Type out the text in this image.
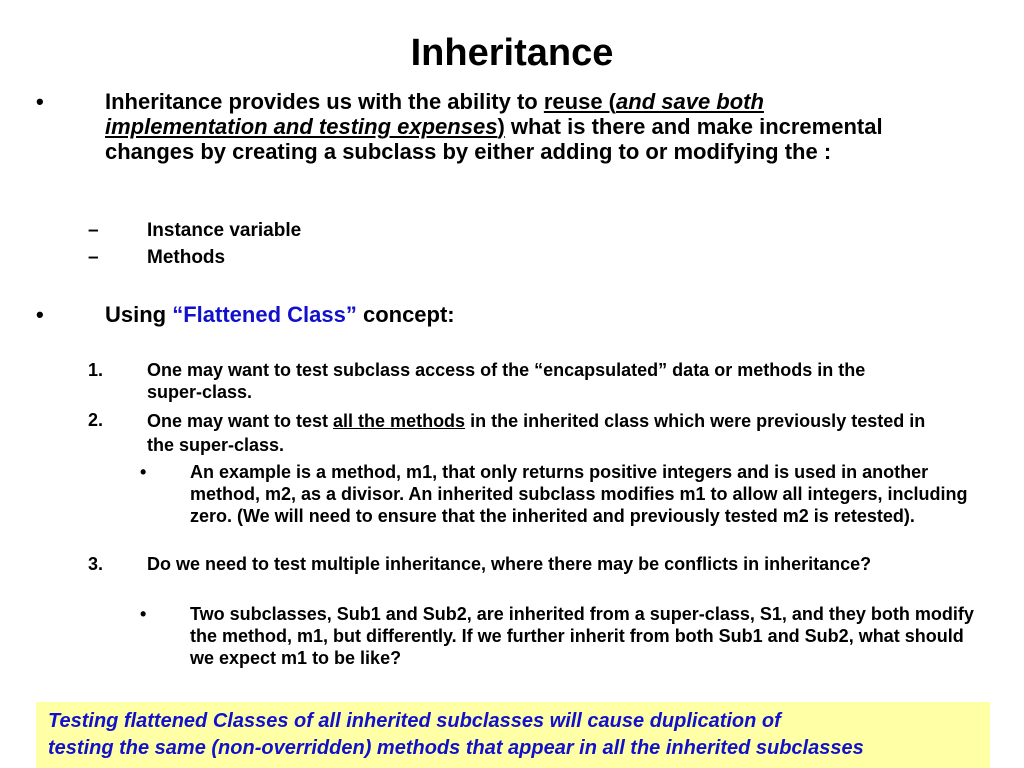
Inheritance
•	Inheritance provides us with the ability to reuse (and save both implementation and testing expenses) what is there and make incremental changes by creating a subclass by either adding to or modifying the :
–	Instance variable
–	Methods
•	Using “Flattened Class” concept:
1. One may want to test subclass access of the “encapsulated” data or methods in the super-class.
2. One may want to test all the methods in the inherited class which were previously tested in the super-class.
• An example is a method, m1, that only returns positive integers and is used in another method, m2, as a divisor. An inherited subclass modifies m1 to allow all integers, including zero. (We will need to ensure that the inherited and previously tested m2 is retested).
3. Do we need to test multiple inheritance, where there may be conflicts in inheritance?
• Two subclasses, Sub1 and Sub2, are inherited from a super-class, S1, and they both modify the method, m1, but differently. If we further inherit from both Sub1 and Sub2, what should we expect m1 to be like?
Testing flattened Classes of all inherited subclasses will cause duplication of
testing the same (non-overridden) methods that appear in all the inherited subclasses
